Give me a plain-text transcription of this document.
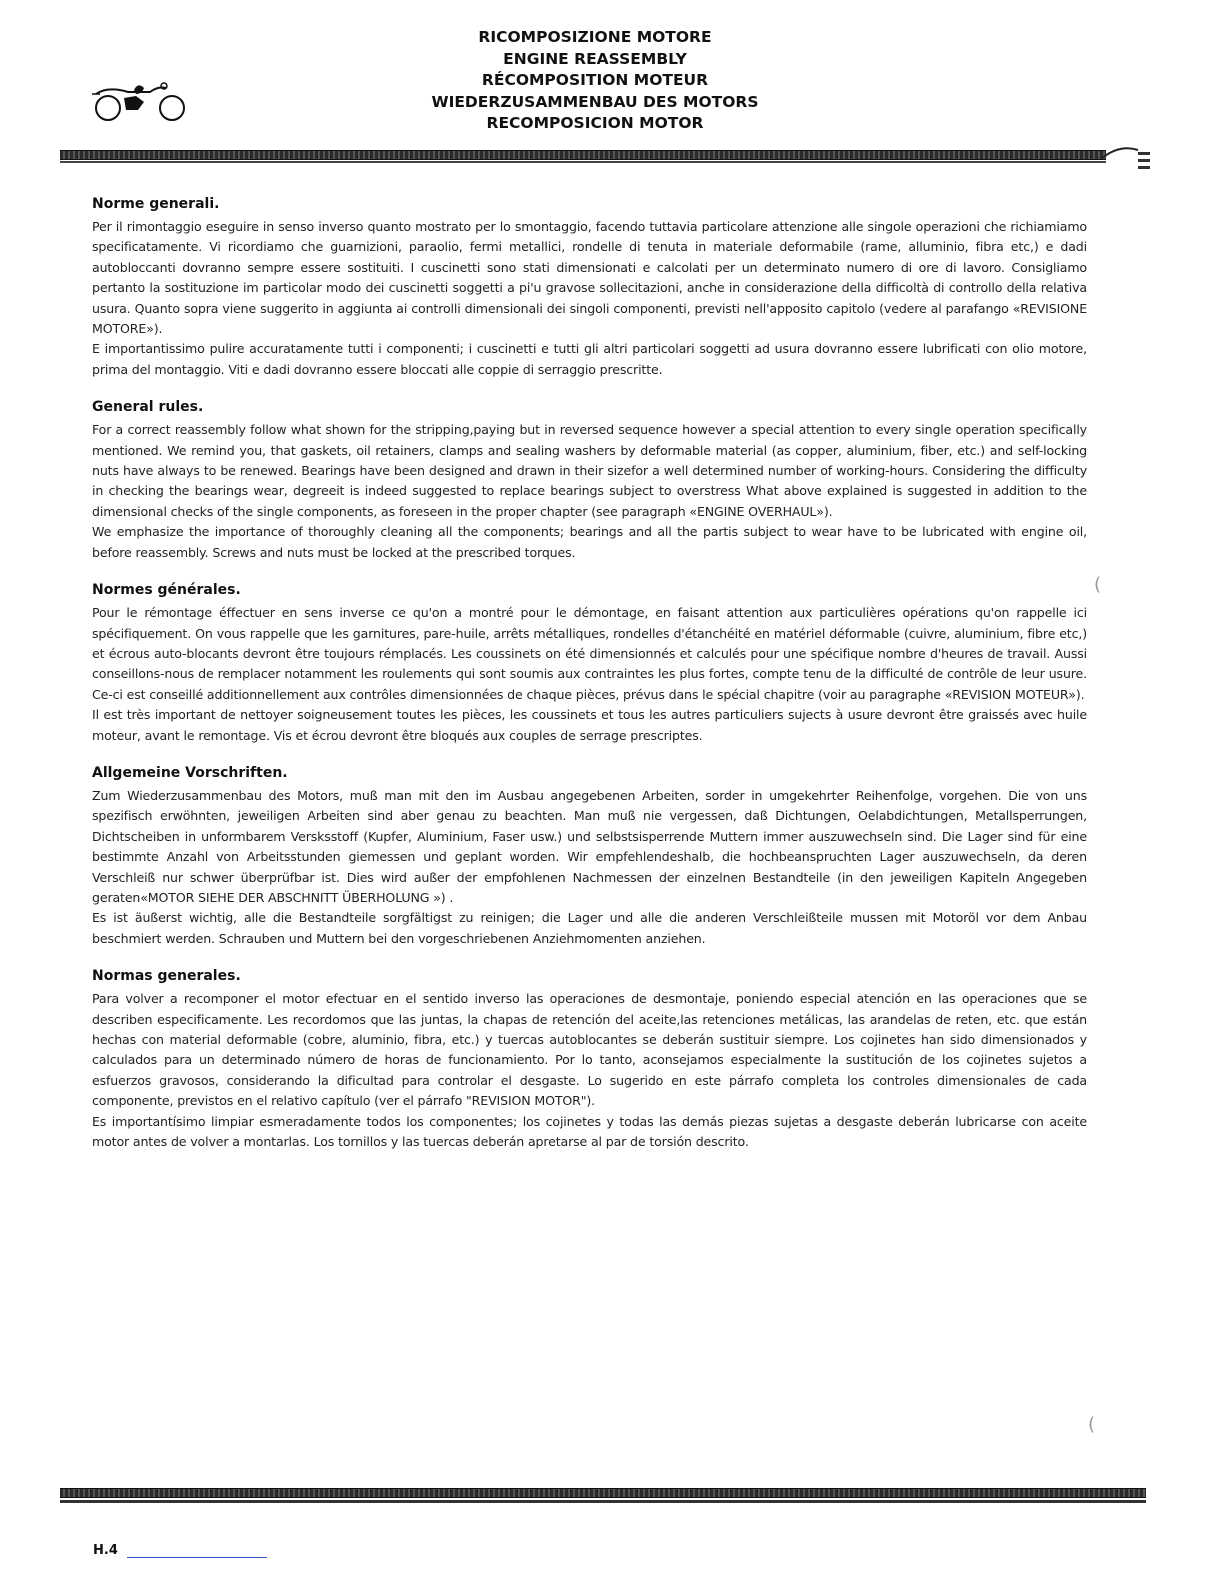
RICOMPOSIZIONE MOTORE
ENGINE REASSEMBLY
RÉCOMPOSITION MOTEUR
WIEDERZUSAMMENBAU DES MOTORS
RECOMPOSICION MOTOR
Norme generali.

Per il rimontaggio eseguire in senso inverso quanto mostrato per lo smontaggio, facendo tuttavia particolare attenzione alle singole operazioni che richiamiamo specificatamente. Vi ricordiamo che guarnizioni, paraolio, fermi metallici, rondelle di tenuta in materiale deformabile (rame, alluminio, fibra etc,) e dadi autobloccanti dovranno sempre essere sostituiti. I cuscinetti sono stati dimensionati e calcolati per un determinato numero di ore di lavoro. Consigliamo pertanto la sostituzione im particolar modo dei cuscinetti soggetti a pi'u gravose sollecitazioni, anche in considerazione della difficoltà di controllo della relativa usura. Quanto sopra viene suggerito in aggiunta ai controlli dimensionali dei singoli componenti, previsti nell'apposito capitolo (vedere al parafango «REVISIONE MOTORE»).

E importantissimo pulire accuratamente tutti i componenti; i cuscinetti e tutti gli altri particolari soggetti ad usura dovranno essere lubrificati con olio motore, prima del montaggio. Viti e dadi dovranno essere bloccati alle coppie di serraggio prescritte.

General rules.

For a correct reassembly follow what shown for the stripping,paying but in reversed sequence however a special attention to every single operation specifically mentioned. We remind you, that gaskets, oil retainers, clamps and sealing washers by deformable material (as copper, aluminium, fiber, etc.) and self-locking nuts have always to be renewed. Bearings have been designed and drawn in their sizefor a well determined number of working-hours. Considering the difficulty in checking the bearings wear, degreeit is indeed suggested to replace bearings subject to overstress What above explained is suggested in addition to the dimensional checks of the single components, as foreseen in the proper chapter (see paragraph «ENGINE OVERHAUL»).

We emphasize the importance of thoroughly cleaning all the components; bearings and all the partis subject to wear have to be lubricated with engine oil, before reassembly. Screws and nuts must be locked at the prescribed torques.

Normes générales.

Pour le rémontage éffectuer en sens inverse ce qu'on a montré pour le démontage, en faisant attention aux particulières opérations qu'on rappelle ici spécifiquement. On vous rappelle que les garnitures, pare-huile, arrêts métalliques, rondelles d'étanchéité en matériel déformable (cuivre, aluminium, fibre etc,) et écrous auto-blocants devront être toujours rémplacés. Les coussinets on été dimensionnés et calculés pour une spécifique nombre d'heures de travail. Aussi conseillons-nous de remplacer notamment les roulements qui sont soumis aux contraintes les plus fortes, compte tenu de la difficulté de contrôle de leur usure. Ce-ci est conseillé additionnellement aux contrôles dimensionnées de chaque pièces, prévus dans le spécial chapitre (voir au paragraphe «REVISION MOTEUR»).

Il est très important de nettoyer soigneusement toutes les pièces, les coussinets et tous les autres particuliers sujects à usure devront être graissés avec huile moteur, avant le remontage. Vis et écrou devront être bloqués aux couples de serrage prescriptes.

Allgemeine Vorschriften.

Zum Wiederzusammenbau des Motors, muß man mit den im Ausbau angegebenen Arbeiten, sorder in umgekehrter Reihenfolge, vorgehen. Die von uns spezifisch erwöhnten, jeweiligen Arbeiten sind aber genau zu beachten. Man muß nie vergessen, daß Dichtungen, Oelabdichtungen, Metallsperrungen, Dichtscheiben in unformbarem Versksstoff (Kupfer, Aluminium, Faser usw.) und selbstsisperrende Muttern immer auszuwechseln sind. Die Lager sind für eine bestimmte Anzahl von Arbeitsstunden giemessen und geplant worden. Wir empfehlendeshalb, die hochbeanspruchten Lager auszuwechseln, da deren Verschleiß nur schwer überprüfbar ist. Dies wird außer der empfohlenen Nachmessen der einzelnen Bestandteile (in den jeweiligen Kapiteln Angegeben geraten«MOTOR SIEHE DER ABSCHNITT ÜBERHOLUNG ») .

Es ist äußerst wichtig, alle die Bestandteile sorgfältigst zu reinigen; die Lager und alle die anderen Verschleißteile mussen mit Motoröl vor dem Anbau beschmiert werden. Schrauben und Muttern bei den vorgeschriebenen Anziehmomenten anziehen.

Normas generales.

Para volver a recomponer el motor efectuar en el sentido inverso las operaciones de desmontaje, poniendo especial atención en las operaciones que se describen especificamente. Les recordomos que las juntas, la chapas de retención del aceite,las retenciones metálicas, las arandelas de reten, etc. que están hechas con material deformable (cobre, aluminio, fibra, etc.) y tuercas autoblocantes se deberán sustituir siempre. Los cojinetes han sido dimensionados y calculados para un determinado número de horas de funcionamiento. Por lo tanto, aconsejamos especialmente la sustitución de los cojinetes sujetos a esfuerzos gravosos, considerando la dificultad para controlar el desgaste. Lo sugerido en este párrafo completa los controles dimensionales de cada componente, previstos en el relativo capítulo (ver el párrafo "REVISION MOTOR").

Es importantísimo limpiar esmeradamente todos los componentes; los cojinetes y todas las demás piezas sujetas a desgaste deberán lubricarse con aceite motor antes de volver a montarlas. Los tornillos y las tuercas deberán apretarse al par de torsión descrito.

(
(
H.4
